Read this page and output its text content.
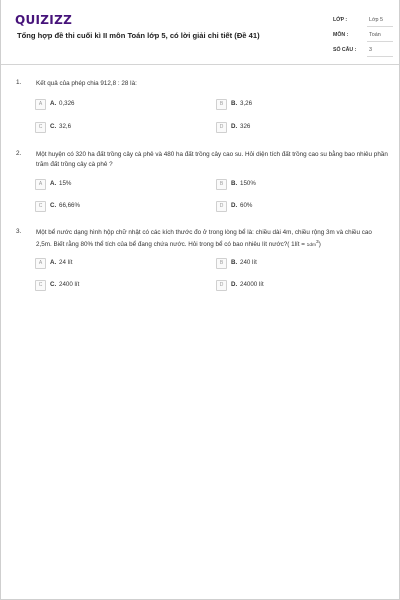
QUIZIZZ
Tổng hợp đề thi cuối kì II môn Toán lớp 5, có lời giải chi tiết (Đề 41)
LỚP :	Lớp 5
MÔN :	Toán
SỐ CÂU : 3
1. Kết quả của phép chia 912,8 : 28 là:
A	A. 0,326	B	B. 3,26
C	C. 32,6	D	D. 326
2. Một huyện có 320 ha đất trồng cây cà phê và 480 ha đất trồng cây cao su. Hỏi diện tích đất trồng cao su bằng bao nhiêu phần trăm đất trồng cây cà phê ?
A	A. 15%	B	B. 150%
C	C. 66,66%	D	D. 60%
3. Một bể nước dạng hình hộp chữ nhật có các kích thước đo ở trong lòng bể là: chiều dài 4m, chiều rộng 3m và chiều cao 2,5m. Biết rằng 80% thể tích của bể đang chứa nước. Hỏi trong bể có bao nhiêu lít nước?( 1lít = $1dm^3$)
A	A. 24 lít	B	B. 240 lít
C	C. 2400 lít	D	D. 24000 lít
